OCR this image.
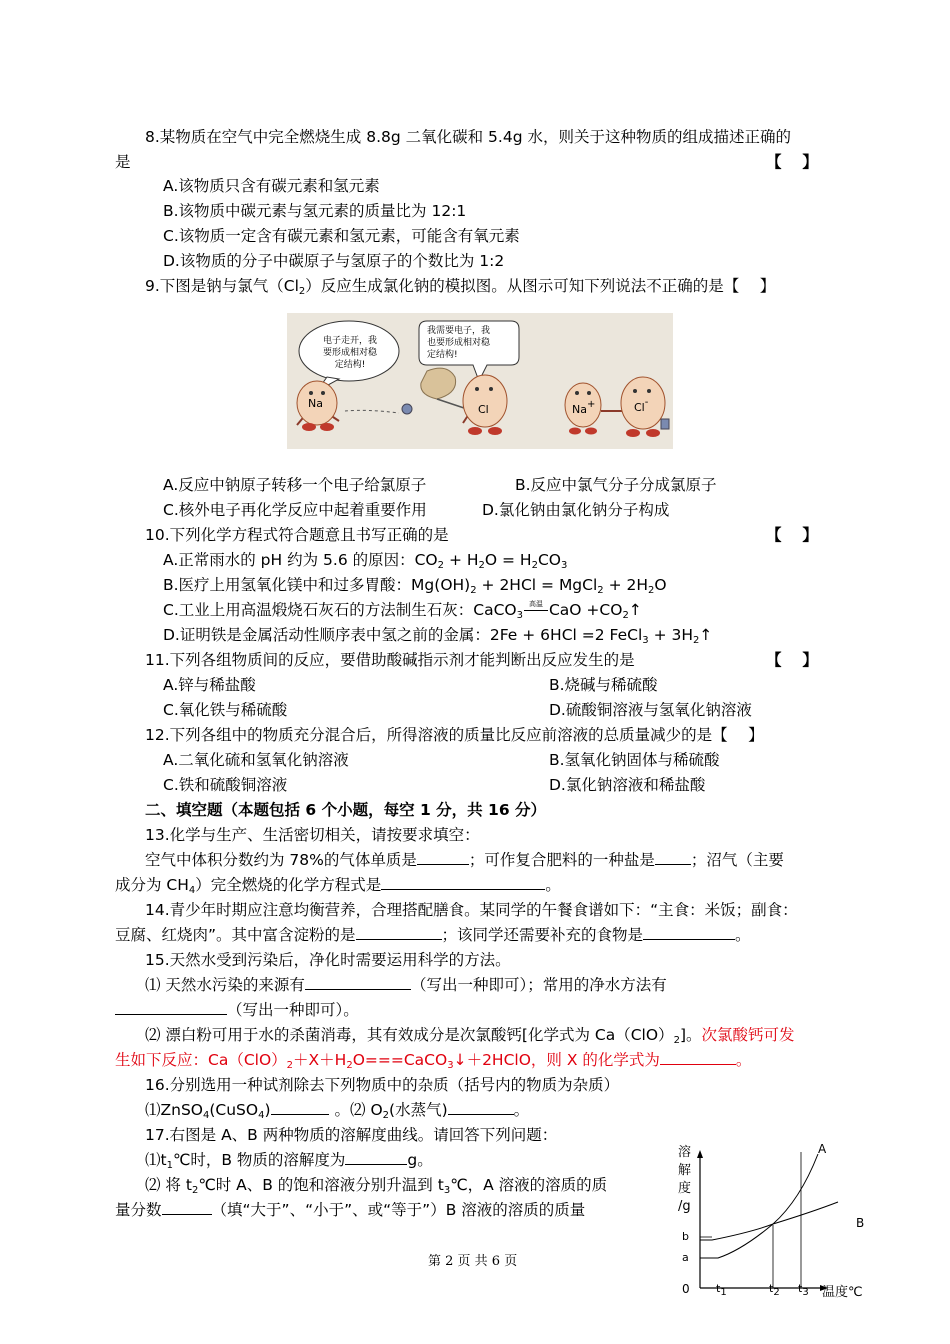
8.某物质在空气中完全燃烧生成 8.8g 二氧化碳和 5.4g 水，则关于这种物质的组成描述正确的
是	【　 】
A.该物质只含有碳元素和氢元素
B.该物质中碳元素与氢元素的质量比为 12:1
C.该物质一定含有碳元素和氢元素，可能含有氧元素
D.该物质的分子中碳原子与氢原子的个数比为 1:2
9.下图是钠与氯气$(Cl_2)$反应生成氯化钠的模拟图。从图示可知下列说法不正确的是【　 】
电子走开，我
要形成相对稳
定结构!
我需要电子，我
也要形成相对稳
定结构!
Na	Cl	Na+	Cl-
A.反应中钠原子转移一个电子给氯原子	B.反应中氯气分子分成氯原子
C.核外电子再化学反应中起着重要作用	D.氯化钠由氯化钠分子构成
10.下列化学方程式符合题意且书写正确的是	【　 】
A.正常雨水的 pH 约为 5.6 的原因：$CO_2 + H_2O = H_2CO_3$
B.医疗上用氢氧化镁中和过多胃酸：$Mg(OH)_2 + 2HCl$ = MgCl$_2$ + $2H_2O$
C.工业上用高温煅烧石灰石的方法制生石灰：CaCO$_3$
高温 CaO $+CO_2↑$
D.证明铁是金属活动性顺序表中氢之前的金属：2Fe + 6HCl =2 FeCl$_3$ + $3H_2↑$
11.下列各组物质间的反应，要借助酸碱指示剂才能判断出反应发生的是	【　 】
A.锌与稀盐酸	B.烧碱与稀硫酸
C.氧化铁与稀硫酸	D.硫酸铜溶液与氢氧化钠溶液
12.下列各组中的物质充分混合后，所得溶液的质量比反应前溶液的总质量减少的是【　 】
A.二氧化硫和氢氧化钠溶液	B.氢氧化钠固体与稀硫酸
C.铁和硫酸铜溶液	D.氯化钠溶液和稀盐酸
二、填空题（本题包括 6 个小题，每空 1 分，共 16 分）
13.化学与生产、生活密切相关，请按要求填空：
空气中体积分数约为 78%的气体单质是	；可作复合肥料的一种盐是 ；沼气（主要
成分为 $CH_4$）完全燃烧的化学方程式是	。
14.青少年时期应注意均衡营养，合理搭配膳食。某同学的午餐食谱如下：“主食：米饭；副食：
豆腐、红烧肉”。其中富含淀粉的是	；该同学还需要补充的食物是	。
15.天然水受到污染后，净化时需要运用科学的方法。
⑴ 天然水污染的来源有	（写出一种即可）；常用的净水方法有
（写出一种即可）。
⑵ 漂白粉可用于水的杀菌消毒，其有效成分是次氯酸钙[化学式为 $Ca(ClO)_2$]。次氯酸钙可发
生如下反应：$Ca(ClO)_2+X+H_2O===CaCO_3↓+2HClO$，则 X 的化学式为	。
16.分别选用一种试剂除去下列物质中的杂质（括号内的物质为杂质）
⑴ZnSO$_4$(CuSO$_4$)	。⑵ $O_2$(水蒸气)	。
17.右图是 A、B 两种物质的溶解度曲线。请回答下列问题：
$⑴t_1℃$时，B 物质的溶解度为	g。
⑵ 将 $t_2℃$时 A、B 的饱和溶液分别升温到 $t_3℃$，A 溶液的溶质的质
量分数	（填“大于”、“小于”、或“等于”）B 溶液的溶质的质量
溶
解
度
/g
A
B
b
a
0 $t_1$	$t_2$ $t_3$ 温度℃
第 2 页 共 6 页
